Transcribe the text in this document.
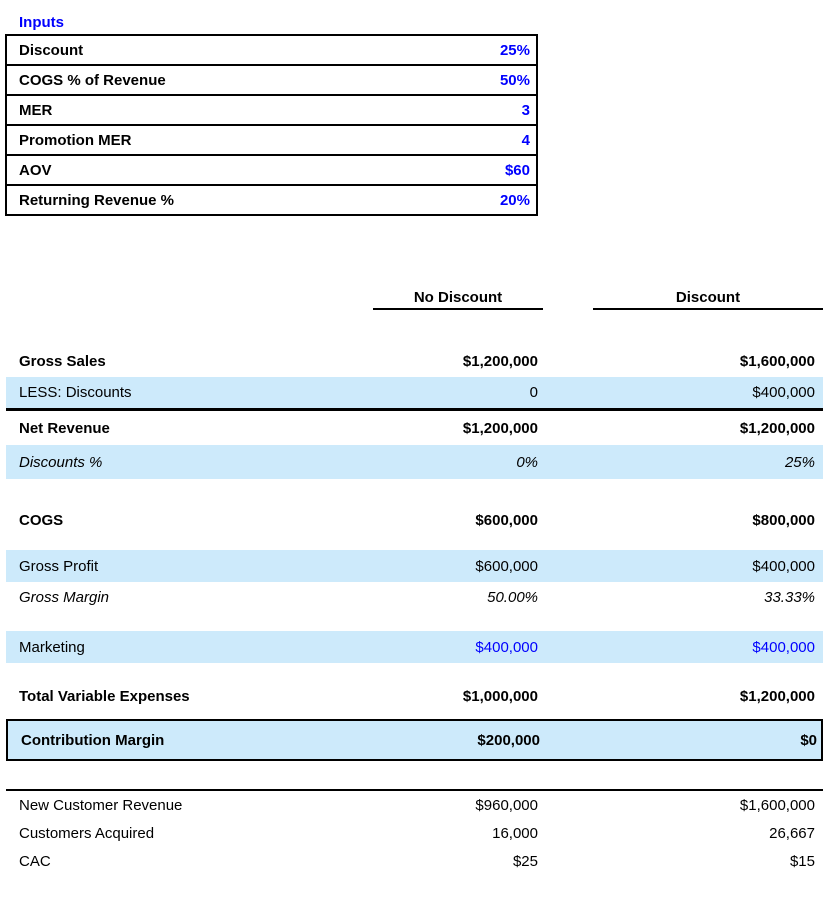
Inputs
Discount	25%
COGS % of Revenue	50%
MER	3
Promotion MER	4
AOV	$60
Returning Revenue %	20%
No Discount	Discount
Gross Sales	$1,200,000	$1,600,000
LESS: Discounts	0	$400,000
Net Revenue	$1,200,000	$1,200,000
Discounts %	0%	25%
COGS	$600,000	$800,000
Gross Profit	$600,000	$400,000
Gross Margin	50.00%	33.33%
Marketing	$400,000	$400,000
Total Variable Expenses	$1,000,000	$1,200,000
Contribution Margin	$200,000	$0
New Customer Revenue	$960,000	$1,600,000
Customers Acquired	16,000	26,667
CAC	$25	$15
